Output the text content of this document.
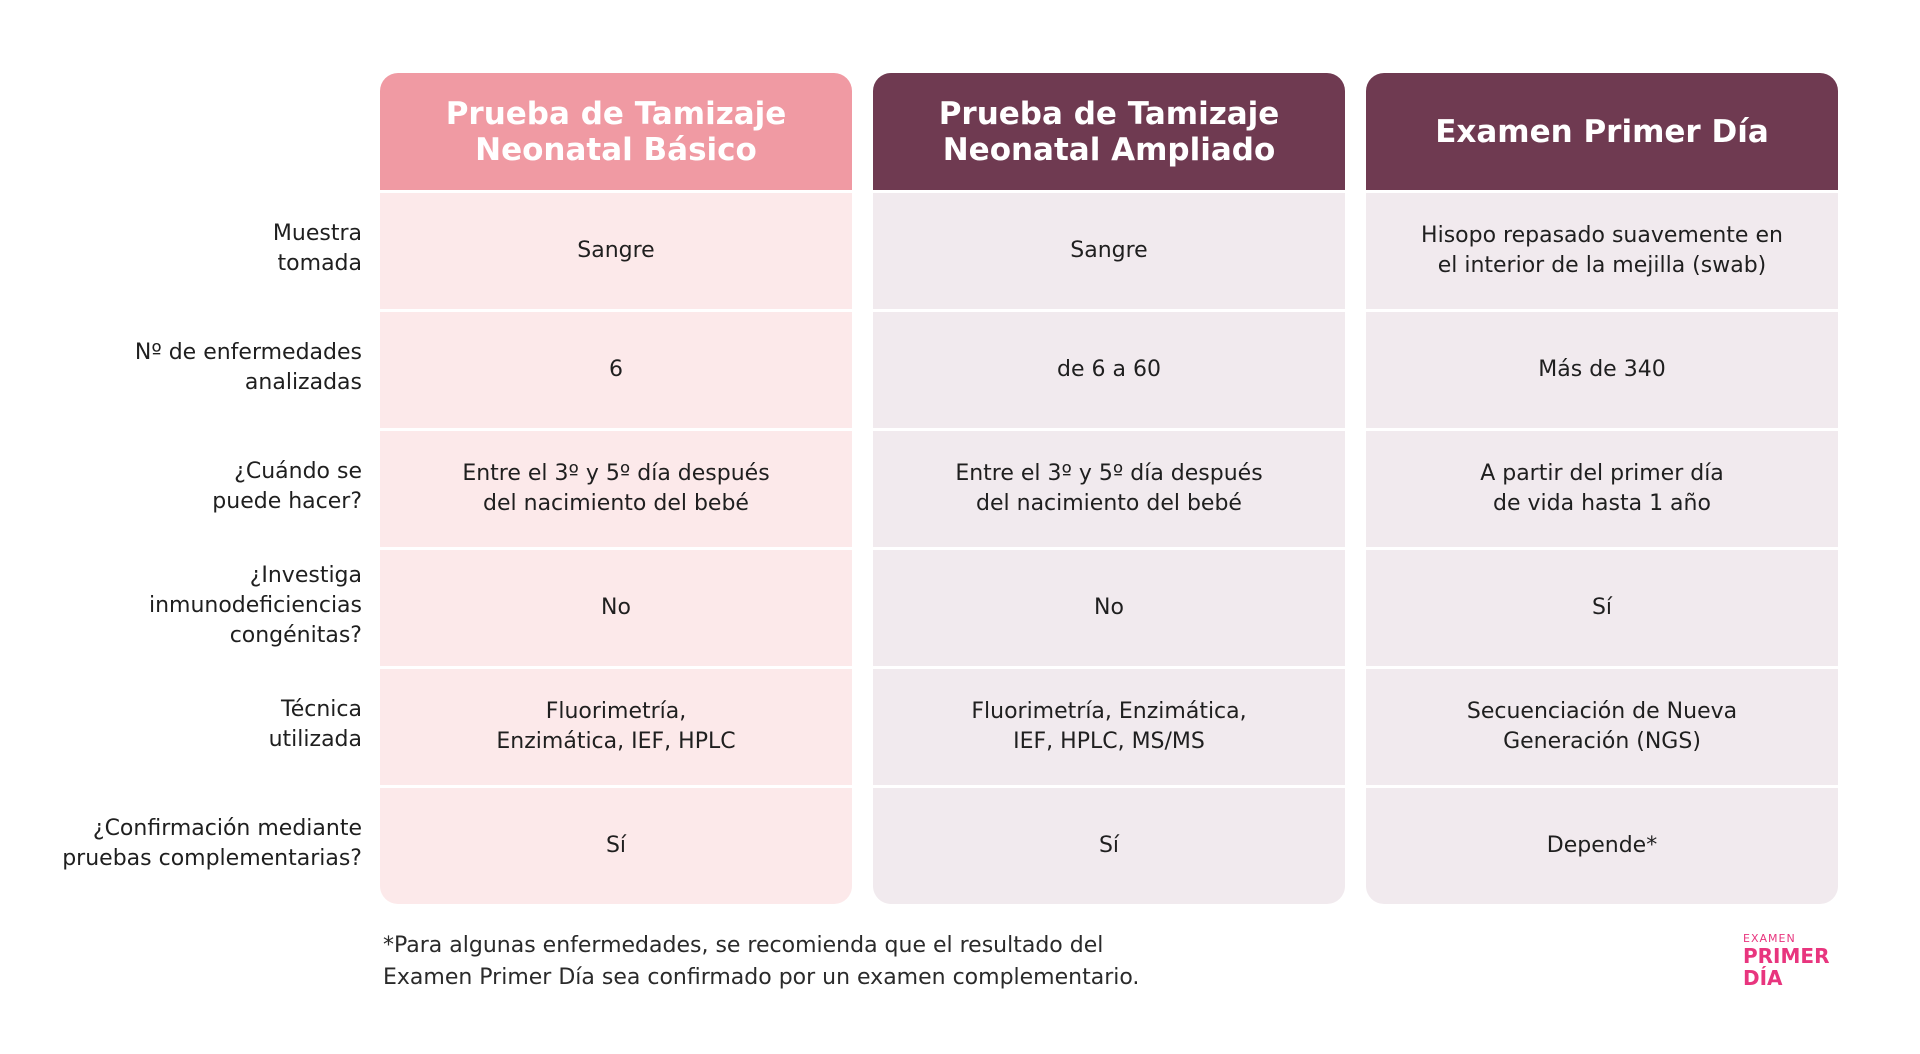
Muestra
tomada
Nº de enfermedades
analizadas
¿Cuándo se
puede hacer?
¿Investiga
inmunodeficiencias
congénitas?
Técnica
utilizada
¿Confirmación mediante
pruebas complementarias?
Prueba de Tamizaje
Neonatal Básico
Sangre
6
Entre el 3º y 5º día después
del nacimiento del bebé
No
Fluorimetría,
Enzimática, IEF, HPLC
Sí
Prueba de Tamizaje
Neonatal Ampliado
Sangre
de 6 a 60
Entre el 3º y 5º día después
del nacimiento del bebé
No
Fluorimetría, Enzimática,
IEF, HPLC, MS/MS
Sí
Examen Primer Día
Hisopo repasado suavemente en
el interior de la mejilla (swab)
Más de 340
A partir del primer día
de vida hasta 1 año
Sí
Secuenciación de Nueva
Generación (NGS)
Depende*
*Para algunas enfermedades, se recomienda que el resultado del
Examen Primer Día sea confirmado por un examen complementario.
EXAMEN
PRIMER
DÍA
